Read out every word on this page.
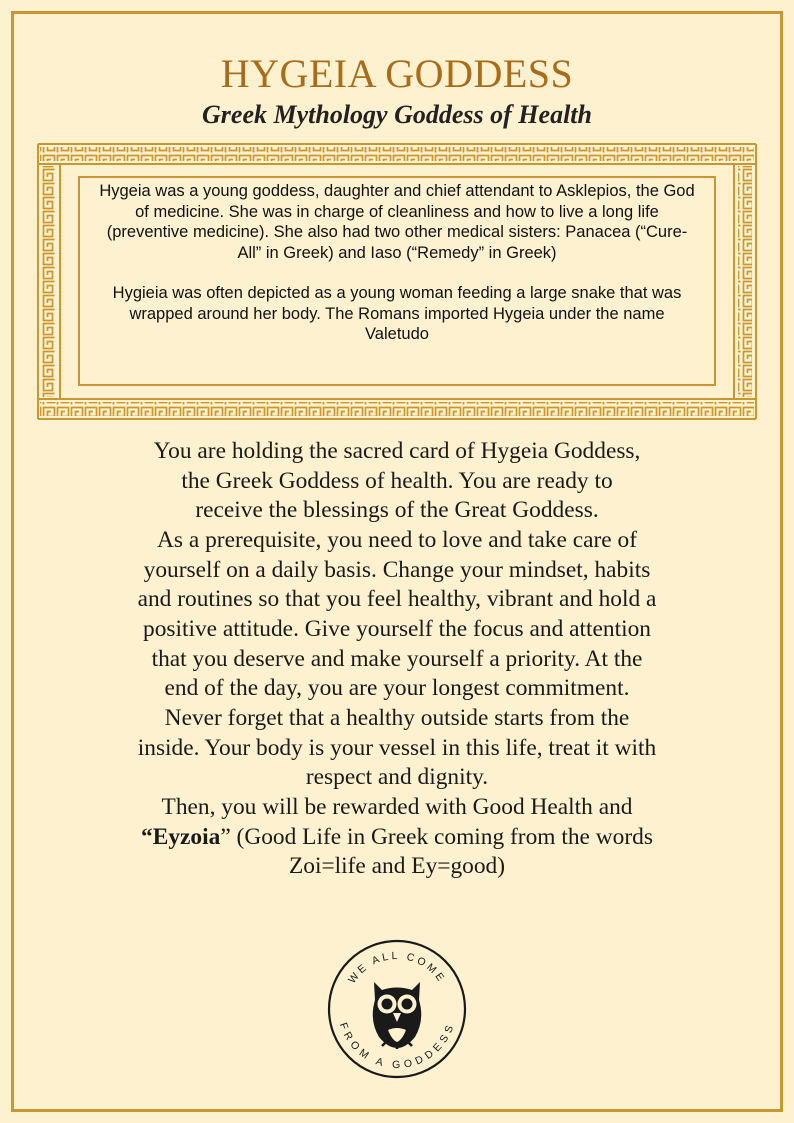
HYGEIA GODDESS
Greek Mythology Goddess of Health

Hygeia was a young goddess, daughter and chief attendant to Asklepios, the God of medicine. She was in charge of cleanliness and how to live a long life (preventive medicine). She also had two other medical sisters: Panacea (“Cure-All” in Greek) and Iaso (“Remedy” in Greek)

Hygieia was often depicted as a young woman feeding a large snake that was wrapped around her body. The Romans imported Hygeia under the name Valetudo

You are holding the sacred card of Hygeia Goddess,
the Greek Goddess of health. You are ready to
receive the blessings of the Great Goddess.
As a prerequisite, you need to love and take care of
yourself on a daily basis. Change your mindset, habits
and routines so that you feel healthy, vibrant and hold a
positive attitude. Give yourself the focus and attention
that you deserve and make yourself a priority. At the
end of the day, you are your longest commitment.
Never forget that a healthy outside starts from the
inside. Your body is your vessel in this life, treat it with
respect and dignity.
Then, you will be rewarded with Good Health and
“Eyzoia” (Good Life in Greek coming from the words
Zoi=life and Ey=good)
WE ALL COME
FROM A GODDESS
